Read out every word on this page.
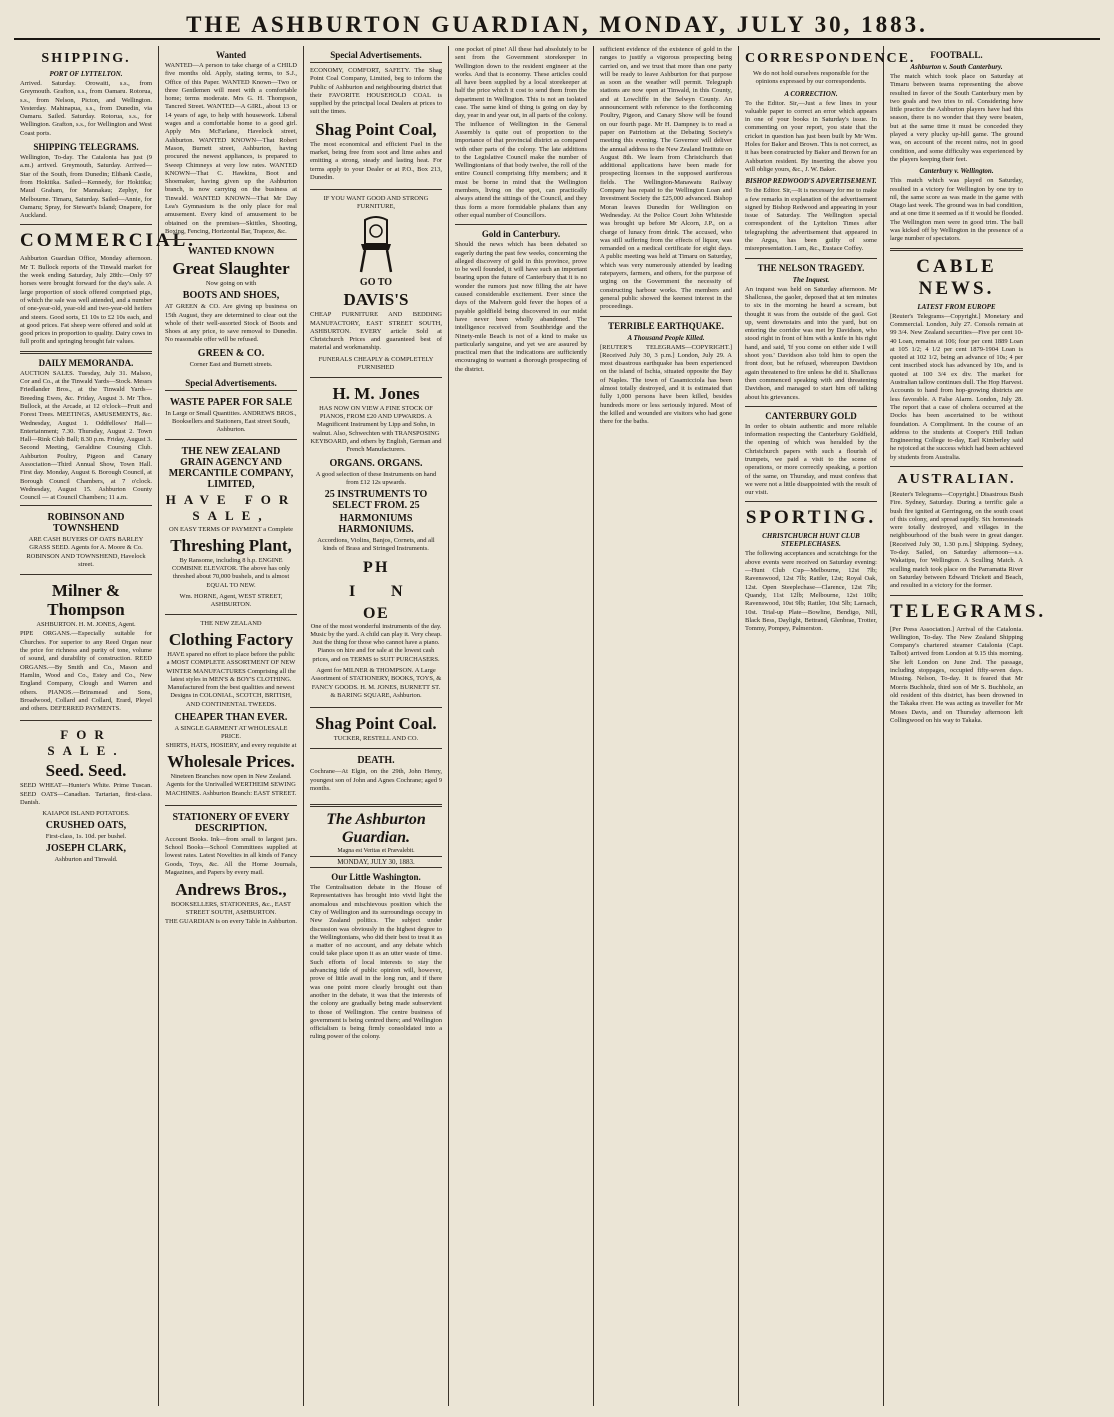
THE ASHBURTON GUARDIAN, MONDAY, JULY 30, 1883.
SHIPPING.
PORT OF LYTTELTON.

Arrived. Saturday. Orowaiti, s.s., from Greymouth. Grafton, s.s., from Oamaru. Rotorua, s.s., from Nelson, Picton, and Wellington. Yesterday. Mahinapua, s.s., from Dunedin, via Oamaru. Sailed. Saturday. Rotorua, s.s., for Wellington. Grafton, s.s., for Wellington and West Coast ports.

SHIPPING TELEGRAMS.

Wellington, To-day. The Catalonia has just (9 a.m.) arrived. Greymouth, Saturday. Arrived—Star of the South, from Dunedin; Elibank Castle, from Hokitika. Sailed—Kennedy, for Hokitika; Maud Graham, for Mannakau; Zephyr, for Melbourne. Timaru, Saturday. Sailed—Annie, for Oamaru; Spray, for Stewart's Island; Onapere, for Auckland.

COMMERCIAL.

Ashburton Guardian Office, Monday afternoon. Mr T. Bullock reports of the Tinwald market for the week ending Saturday, July 28th:—Only 97 horses were brought forward for the day's sale. A large proportion of stock offered comprised pigs, of which the sale was well attended, and a number of one-year-old, year-old and two-year-old heifers and steers. Good sorts, £1 10s to £2 10s each, and at good prices. Fat sheep were offered and sold at good prices in proportion to quality. Dairy cows in full profit and springing brought fair values.

DAILY MEMORANDA.

AUCTION SALES. Tuesday, July 31. Malsoo, Cor and Co., at the Tinwald Yards—Stock. Messrs Friedlander Bros., at the Tinwald Yards—Breeding Ewes, &c. Friday, August 3. Mr Thos. Bullock, at the Arcade, at 12 o'clock—Fruit and Forest Trees. MEETINGS, AMUSEMENTS, &c. Wednesday, August 1. Oddfellows' Hall—Entertainment; 7.30. Thursday, August 2. Town Hall—Rink Club Ball; 8.30 p.m. Friday, August 3. Second Meeting, Geraldine Coursing Club. Ashburton Poultry, Pigeon and Canary Association—Third Annual Show, Town Hall. First day. Monday, August 6. Borough Council, at Borough Council Chambers, at 7 o'clock. Wednesday, August 15. Ashburton County Council — at Council Chambers; 11 a.m.

ROBINSON AND TOWNSHEND
ARE CASH BUYERS OF OATS BARLEY GRASS SEED. Agents for A. Moore & Co.
ROBINSON AND TOWNSHEND, Havelock street.
Milner & Thompson
ASHBURTON. H. M. JONES, Agent.

PIPE ORGANS.—Especially suitable for Churches. For superior to any Reed Organ near the price for richness and purity of tone, volume of sound, and durability of construction. REED ORGANS.—By Smith and Co., Mason and Hamlin, Wood and Co., Estey and Co., New England Company, Clough and Warren and others. PIANOS.—Brinsmead and Sons, Broadwood, Collard and Collard, Erard, Pleyel and others. DEFERRED PAYMENTS.

FOR SALE.
Seed. Seed.

SEED WHEAT—Hunter's White. Prime Tuscan. SEED OATS—Canadian. Tartarian, first-class. Danish.

KAIAPOI ISLAND POTATOES.
CRUSHED OATS,
First-class, 1s. 10d. per bushel.
JOSEPH CLARK,
Ashburton and Tinwald.
Wanted

WANTED—A person to take charge of a CHILD five months old. Apply, stating terms, to S.J., Office of this Paper. WANTED Known—Two or three Gentlemen will meet with a comfortable home; terms moderate. Mrs G. H. Thompson, Tancred Street. WANTED—A GIRL, about 13 or 14 years of age, to help with housework. Liberal wages and a comfortable home to a good girl. Apply Mrs McFarlane, Havelock street, Ashburton. WANTED KNOWN—That Robert Mason, Burnett street, Ashburton, having procured the newest appliances, is prepared to Sweep Chimneys at very low rates. WANTED KNOWN—That C. Hawkins, Boot and Shoemaker, having given up the Ashburton branch, is now carrying on the business at Tinwald. WANTED KNOWN—That Mr Day Lea's Gymnasium is the only place for real amusement. Every kind of amusement to be obtained on the premises—Skittles, Shooting, Boxing, Fencing, Horizontal Bar, Trapeze, &c.

WANTED KNOWN
Great Slaughter
Now going on with
BOOTS AND SHOES,

AT GREEN & CO. Are giving up business on 15th August, they are determined to clear out the whole of their well-assorted Stock of Boots and Shoes at any price, to save removal to Dunedin. No reasonable offer will be refused.

GREEN & CO.
Corner East and Burnett streets.
Special Advertisements.
WASTE PAPER FOR SALE
In Large or Small Quantities. ANDREWS BROS., Booksellers and Stationers, East street South, Ashburton.
THE NEW ZEALAND GRAIN AGENCY AND MERCANTILE COMPANY, LIMITED,
HAVE FOR SALE,
ON EASY TERMS OF PAYMENT a Complete
Threshing Plant,

By Ransome, including 8 h.p. ENGINE COMBINE ELEVATOR. The above has only threshed about 70,000 bushels, and is almost EQUAL TO NEW.

Wm. HORNE, Agent, WEST STREET, ASHBURTON.
THE NEW ZEALAND
Clothing Factory

HAVE spared no effort to place before the public a MOST COMPLETE ASSORTMENT OF NEW WINTER MANUFACTURES Comprising all the latest styles in MEN'S & BOY'S CLOTHING. Manufactured from the best qualities and newest Designs in COLONIAL, SCOTCH, BRITISH, AND CONTINENTAL TWEEDS.

CHEAPER THAN EVER.
A SINGLE GARMENT AT WHOLESALE PRICE.
SHIRTS, HATS, HOSIERY, and every requisite at
Wholesale Prices.

Nineteen Branches now open in New Zealand. Agents for the Unrivalled WERTHEIM SEWING MACHINES. Ashburton Branch: EAST STREET.

STATIONERY OF EVERY DESCRIPTION.

Account Books. Ink—from small to largest jars. School Books—School Committees supplied at lowest rates. Latest Novelties in all kinds of Fancy Goods, Toys, &c. All the Home Journals, Magazines, and Papers by every mail.

Andrews Bros.,
BOOKSELLERS, STATIONERS, &c., EAST STREET SOUTH, ASHBURTON.
THE GUARDIAN is on every Table in Ashburton.
Special Advertisements.

ECONOMY, COMFORT, SAFETY. The Shag Point Coal Company, Limited, beg to inform the Public of Ashburton and neighbouring district that their FAVORITE HOUSEHOLD COAL is supplied by the principal local Dealers at prices to suit the times.

Shag Point Coal,

The most economical and efficient Fuel in the market, being free from soot and lime ashes and emitting a strong, steady and lasting heat. For terms apply to your Dealer or at P.O., Box 213, Dunedin.

IF YOU WANT GOOD AND STRONG FURNITURE,
GO TO
DAVIS'S

CHEAP FURNITURE AND BEDDING MANUFACTORY, EAST STREET SOUTH, ASHBURTON. EVERY article Sold at Christchurch Prices and guaranteed best of material and workmanship.

FUNERALS CHEAPLY & COMPLETELY FURNISHED
H. M. Jones

HAS NOW ON VIEW A FINE STOCK OF PIANOS, FROM £20 AND UPWARDS. A Magnificent Instrument by Lipp and Sohn, in walnut. Also, Schwechten with TRANSPOSING KEYBOARD, and others by English, German and French Manufacturers.

ORGANS. ORGANS.
A good selection of these Instruments on hand from £12 12s upwards.
25 INSTRUMENTS TO SELECT FROM. 25
HARMONIUMS HARMONIUMS.
Accordions, Violins, Banjos, Cornets, and all kinds of Brass and Stringed Instruments.
P H
I N
O E

One of the most wonderful instruments of the day. Music by the yard. A child can play it. Very cheap. Just the thing for those who cannot have a piano. Pianos on hire and for sale at the lowest cash prices, and on TERMS to SUIT PURCHASERS.

Agent for MILNER & THOMPSON. A Large Assortment of STATIONERY, BOOKS, TOYS, & FANCY GOODS. H. M. JONES, BURNETT ST. & BARING SQUARE, Ashburton.

Shag Point Coal.
TUCKER, RESTELL AND CO.
DEATH.

Cochrane—At Elgin, on the 29th, John Henry, youngest son of John and Agnes Cochrane; aged 9 months.

The Ashburton Guardian.
Magna est Veritas et Prævalebit.
MONDAY, JULY 30, 1883.
Our Little Washington.

The Centralisation debate in the House of Representatives has brought into vivid light the anomalous and mischievous position which the City of Wellington and its surroundings occupy in New Zealand politics. The subject under discussion was obviously in the highest degree to the Wellingtonians, who did their best to treat it as a matter of no account, and any debate which could take place upon it as an utter waste of time. Such efforts of local interests to stay the advancing tide of public opinion will, however, prove of little avail in the long run, and if there was one point more clearly brought out than another in the debate, it was that the interests of the colony are gradually being made subservient to those of Wellington. The centre business of government is being centred there; and Wellington officialism is being firmly consolidated into a ruling power of the colony.

one pocket of pine! All these had absolutely to be sent from the Government storekeeper in Wellington down to the resident engineer at the works. And that is economy. These articles could all have been supplied by a local storekeeper at half the price which it cost to send them from the department in Wellington. This is not an isolated case. The same kind of thing is going on day by day, year in and year out, in all parts of the colony. The influence of Wellington in the General Assembly is quite out of proportion to the importance of that provincial district as compared with other parts of the colony. The late additions to the Legislative Council make the number of Wellingtonians of that body twelve, the roll of the entire Council comprising fifty members; and it must be borne in mind that the Wellington members, living on the spot, can practically always attend the sittings of the Council, and they thus form a more formidable phalanx than any other equal number of Councillors.

Gold in Canterbury.

Should the news which has been debated so eagerly during the past few weeks, concerning the alleged discovery of gold in this province, prove to be well founded, it will have such an important bearing upon the future of Canterbury that it is no wonder the rumors just now filling the air have caused considerable excitement. Ever since the days of the Malvern gold fever the hopes of a payable goldfield being discovered in our midst have never been wholly abandoned. The intelligence received from Southbridge and the Ninety-mile Beach is not of a kind to make us particularly sanguine, and yet we are assured by practical men that the indications are sufficiently encouraging to warrant a thorough prospecting of the district.

sufficient evidence of the existence of gold in the ranges to justify a vigorous prospecting being carried on, and we trust that more than one party will be ready to leave Ashburton for that purpose as soon as the weather will permit. Telegraph stations are now open at Tinwald, in this County, and at Lowcliffe in the Selwyn County. An announcement with reference to the forthcoming Poultry, Pigeon, and Canary Show will be found on our fourth page. Mr H. Dampney is to read a paper on Patriotism at the Debating Society's meeting this evening. The Governor will deliver the annual address to the New Zealand Institute on August 8th. We learn from Christchurch that additional applications have been made for prospecting licenses in the supposed auriferous fields. The Wellington-Manawatu Railway Company has repaid to the Wellington Loan and Investment Society the £25,000 advanced. Bishop Moran leaves Dunedin for Wellington on Wednesday. At the Police Court John Whiteside was brought up before Mr Alcorn, J.P., on a charge of lunacy from drink. The accused, who was still suffering from the effects of liquor, was remanded on a medical certificate for eight days. A public meeting was held at Timaru on Saturday, which was very numerously attended by leading ratepayers, farmers, and others, for the purpose of urging on the Government the necessity of constructing harbour works. The members and general public showed the keenest interest in the proceedings.

TERRIBLE EARTHQUAKE.
A Thousand People Killed.

[REUTER'S TELEGRAMS—COPYRIGHT.] [Received July 30, 3 p.m.] London, July 29. A most disastrous earthquake has been experienced on the island of Ischia, situated opposite the Bay of Naples. The town of Casamicciola has been almost totally destroyed, and it is estimated that fully 1,000 persons have been killed, besides hundreds more or less seriously injured. Most of the killed and wounded are visitors who had gone there for the baths.

CORRESPONDENCE.

We do not hold ourselves responsible for the opinions expressed by our correspondents.

A CORRECTION.

To the Editor. Sir,—Just a few lines in your valuable paper to correct an error which appears in one of your books in Saturday's issue. In commenting on your report, you state that the cricket in question has just been built by Mr Wm. Holes for Baker and Brown. This is not correct, as it has been constructed by Baker and Brown for an Ashburton resident. By inserting the above you will oblige yours, &c., J. W. Baker.

BISHOP REDWOOD'S ADVERTISEMENT.

To the Editor. Sir,—It is necessary for me to make a few remarks in explanation of the advertisement signed by Bishop Redwood and appearing in your issue of Saturday. The Wellington special correspondent of the Lyttelton Times after telegraphing the advertisement that appeared in the Argus, has been guilty of some misrepresentation. I am, &c., Eustace Coffey.

THE NELSON TRAGEDY.
The Inquest.

An inquest was held on Saturday afternoon. Mr Shallcrass, the gaoler, deposed that at ten minutes to six in the morning he heard a scream, but thought it was from the outside of the gaol. Got up, went downstairs and into the yard, but on entering the corridor was met by Davidson, who stood right in front of him with a knife in his right hand, and said, 'If you come on either side I will shoot you.' Davidson also told him to open the front door, but he refused, whereupon Davidson again threatened to fire unless he did it. Shallcrass then commenced speaking with and threatening Davidson, and managed to start him off talking about his grievances.

CANTERBURY GOLD

In order to obtain authentic and more reliable information respecting the Canterbury Goldfield, the opening of which was heralded by the Christchurch papers with such a flourish of trumpets, we paid a visit to the scene of operations, or more correctly speaking, a portion of the same, on Thursday, and must confess that we were not a little disappointed with the result of our visit.

SPORTING.
CHRISTCHURCH HUNT CLUB STEEPLECHASES.

The following acceptances and scratchings for the above events were received on Saturday evening:—Hunt Club Cup—Melbourne, 12st 7lb; Ravenswood, 12st 7lb; Rattler, 12st; Royal Oak, 12st. Open Steeplechase—Clarence, 12st 7lb; Quandy, 11st 12lb; Melbourne, 12st 10lb; Ravenswood, 10st 9lb; Rattler, 10st 5lb; Larnach, 10st. Trial-up Plate—Bowline, Bendigo, Nill, Black Bess, Daylight, Bettrand, Glenbrae, Trotter, Tommy, Pompey, Palmerston.

FOOTBALL.
Ashburton v. South Canterbury.

The match which took place on Saturday at Timaru between teams representing the above resulted in favor of the South Canterbury men by two goals and two tries to nil. Considering how little practice the Ashburton players have had this season, there is no wonder that they were beaten, but at the same time it must be conceded they played a very plucky up-hill game. The ground was, on account of the recent rains, not in good condition, and some difficulty was experienced by the players keeping their feet.

Canterbury v. Wellington.

This match which was played on Saturday, resulted in a victory for Wellington by one try to nil, the same score as was made in the game with Otago last week. The ground was in bad condition, and at one time it seemed as if it would be flooded. The Wellington men were in good trim. The ball was kicked off by Wellington in the presence of a large number of spectators.

CABLE NEWS.
LATEST FROM EUROPE

[Reuter's Telegrams—Copyright.] Monetary and Commercial. London, July 27. Consols remain at 99 3/4. New Zealand securities—Five per cent 10-40 Loan, remains at 106; four per cent 1889 Loan at 105 1/2; 4 1/2 per cent 1879-1904 Loan is quoted at 102 1/2, being an advance of 10s; 4 per cent inscribed stock has advanced by 10s, and is quoted at 100 3/4 ex div. The market for Australian tallow continues dull. The Hop Harvest. Accounts to hand from hop-growing districts are less favorable. A False Alarm. London, July 28. The report that a case of cholera occurred at the Docks has been ascertained to be without foundation. A Compliment. In the course of an address to the students at Cooper's Hill Indian Engineering College to-day, Earl Kimberley said he rejoiced at the success which had been achieved by students from Australia.

AUSTRALIAN.

[Reuter's Telegrams—Copyright.] Disastrous Bush Fire. Sydney, Saturday. During a terrific gale a bush fire ignited at Gerringong, on the south coast of this colony, and spread rapidly. Six homesteads were totally destroyed, and villages in the neighbourhood of the bush were in great danger. [Received July 30, 1.30 p.m.] Shipping. Sydney, To-day. Sailed, on Saturday afternoon—s.s. Wakatipu, for Wellington. A Sculling Match. A sculling match took place on the Parramatta River on Saturday between Edward Trickett and Beach, and resulted in a victory for the former.

TELEGRAMS.

[Per Press Association.] Arrival of the Catalonia. Wellington, To-day. The New Zealand Shipping Company's chartered steamer Catalonia (Capt. Talbot) arrived from London at 9.15 this morning. She left London on June 2nd. The passage, including stoppages, occupied fifty-seven days. Missing. Nelson, To-day. It is feared that Mr Morris Buchholz, third son of Mr S. Buchholz, an old resident of this district, has been drowned in the Takaka river. He was acting as traveller for Mr Moses Davis, and on Thursday afternoon left Collingwood on his way to Takaka.
